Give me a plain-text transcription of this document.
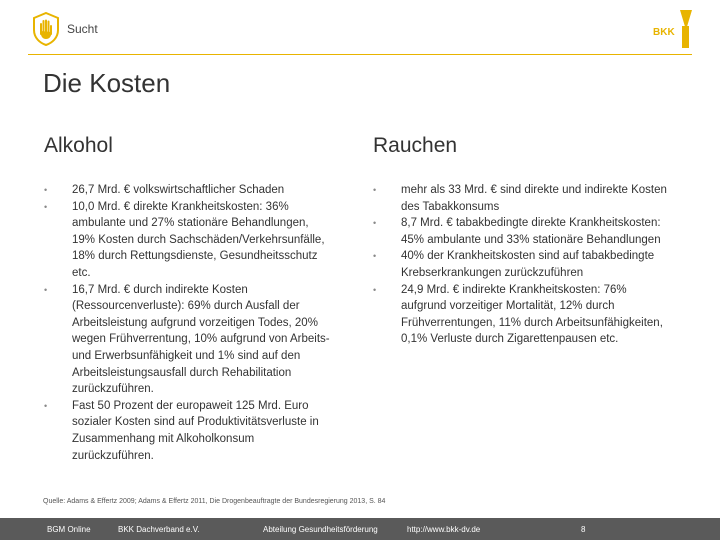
Sucht	BKK
Die Kosten
Alkohol	Rauchen
• 26,7 Mrd. € volkswirtschaftlicher Schaden
• 10,0 Mrd. € direkte Krankheitskosten: 36% ambulante und 27% stationäre Behandlungen, 19% Kosten durch Sachschäden/Verkehrsunfälle, 18% durch Rettungsdienste, Gesundheitsschutz etc.
• 16,7 Mrd. € durch indirekte Kosten (Ressourcenverluste): 69% durch Ausfall der Arbeitsleistung aufgrund vorzeitigen Todes, 20% wegen Frühverrentung, 10% aufgrund von Arbeits- und Erwerbsunfähigkeit und 1% sind auf den Arbeitsleistungsausfall durch Rehabilitation zurückzuführen.
• Fast 50 Prozent der europaweit 125 Mrd. Euro sozialer Kosten sind auf Produktivitätsverluste in Zusammenhang mit Alkoholkonsum zurückzuführen.
• mehr als 33 Mrd. € sind direkte und indirekte Kosten des Tabakkonsums
• 8,7 Mrd. € tabakbedingte direkte Krankheitskosten: 45% ambulante und 33% stationäre Behandlungen
• 40% der Krankheitskosten sind auf tabakbedingte Krebserkrankungen zurückzuführen
• 24,9 Mrd. € indirekte Krankheitskosten: 76% aufgrund vorzeitiger Mortalität, 12% durch Frühverrentungen, 11% durch Arbeitsunfähigkeiten, 0,1% Verluste durch Zigarettenpausen etc.
Quelle: Adams & Effertz 2009; Adams & Effertz 2011, Die Drogenbeauftragte der Bundesregierung 2013, S. 84
BGM Online	BKK Dachverband e.V.	Abteilung Gesundheitsförderung	http://www.bkk-dv.de	8
